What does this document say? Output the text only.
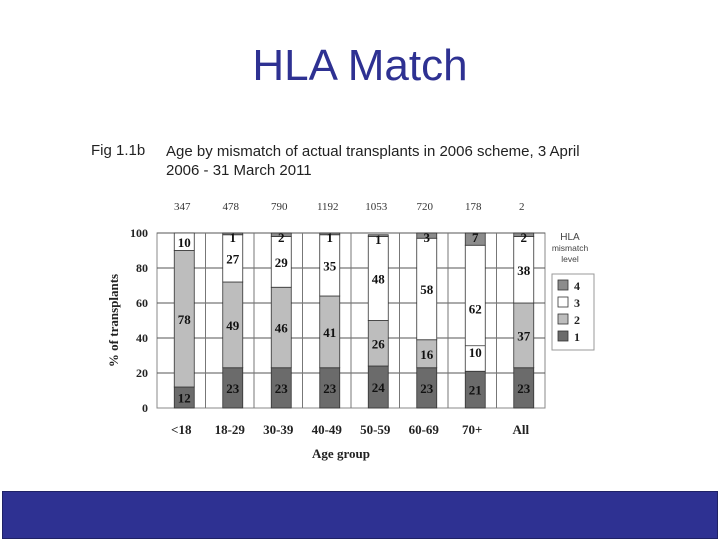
HLA Match
Fig 1.1b Age by mismatch of actual transplants in 2006 scheme, 3 April 2006 - 31 March 2011
0
20
40
60
80
100
% of transplants
Age group
347
<18
12
78
10
478
18-29
23
49
27
1
790
30-39
23
46
29
2
1192
40-49
23
41
35
1
1053
50-59
24
26
48
1
720
60-69
23
16
58
3
178
70+
21
62
7
10
2
All
23
37
38
2	HLA
mismatch
level
4
3
2
1
